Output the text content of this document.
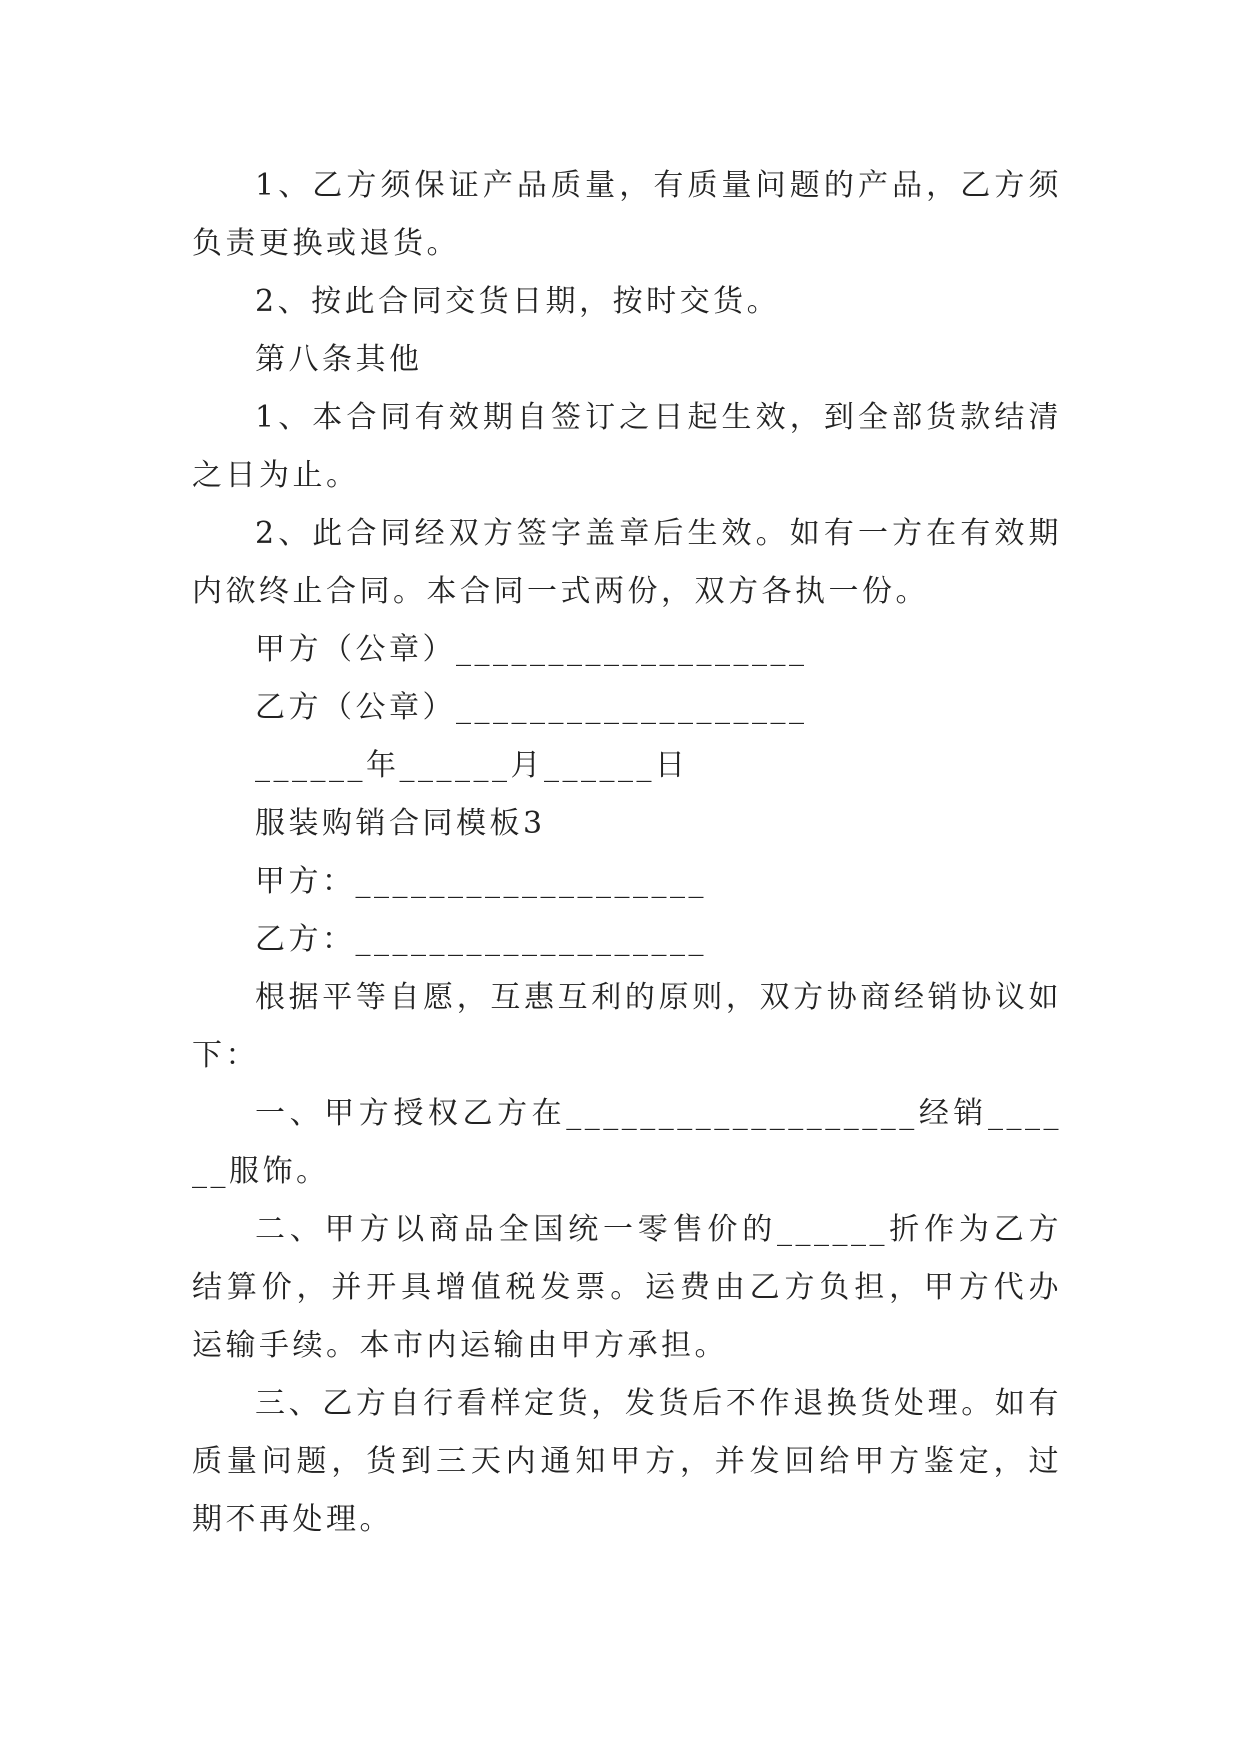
1、乙方须保证产品质量，有质量问题的产品，乙方须负责更换或退货。

2、按此合同交货日期，按时交货。

第八条其他

1、本合同有效期自签订之日起生效，到全部货款结清之日为止。

2、此合同经双方签字盖章后生效。如有一方在有效期内欲终止合同。本合同一式两份，双方各执一份。

甲方（公章）___________________

乙方（公章）___________________

______年______月______日

服装购销合同模板3

甲方：___________________

乙方：___________________

根据平等自愿，互惠互利的原则，双方协商经销协议如下：

一、甲方授权乙方在___________________经销______服饰。

二、甲方以商品全国统一零售价的______折作为乙方结算价，并开具增值税发票。运费由乙方负担，甲方代办运输手续。本市内运输由甲方承担。

三、乙方自行看样定货，发货后不作退换货处理。如有质量问题，货到三天内通知甲方，并发回给甲方鉴定，过期不再处理。
